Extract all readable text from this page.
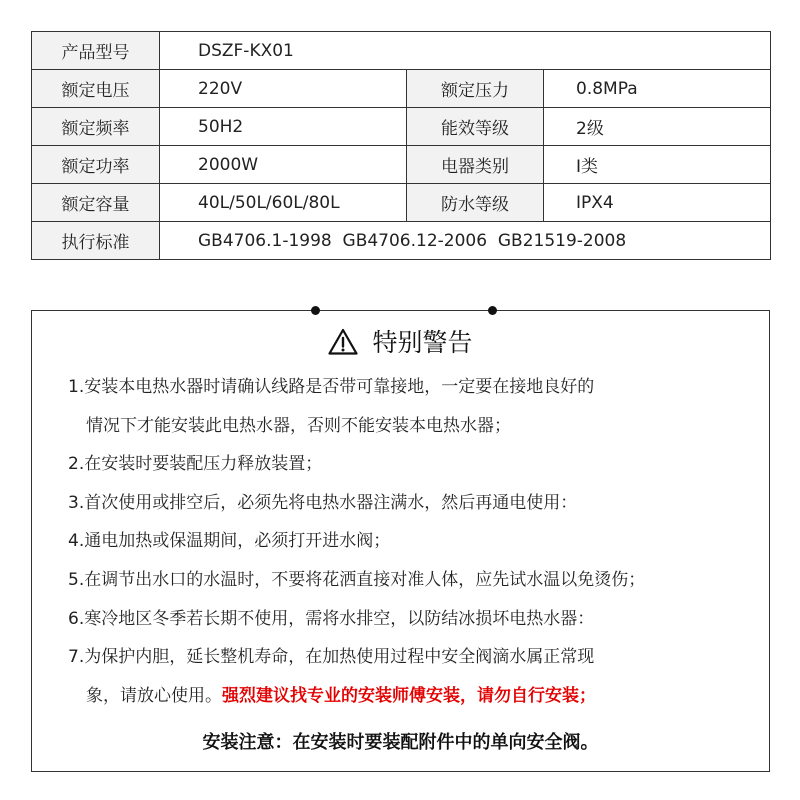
产品型号	DSZF-KX01		
额定电压	220V	额定压力	0.8MPa
额定频率	50H2	能效等级	2级
额定功率	2000W	电器类别	I类
额定容量	40L/50L/60L/80L	防水等级	IPX4
执行标准	GB4706.1-1998  GB4706.12-2006  GB21519-2008		
特别警告
1.安装本电热水器时请确认线路是否带可靠接地，一定要在接地良好的
情况下才能安装此电热水器，否则不能安装本电热水器；
2.在安装时要装配压力释放装置；
3.首次使用或排空后，必须先将电热水器注满水，然后再通电使用：
4.通电加热或保温期间，必须打开进水阀；
5.在调节出水口的水温时，不要将花洒直接对准人体，应先试水温以免烫伤；
6.寒冷地区冬季若长期不使用，需将水排空，以防结冰损坏电热水器：
7.为保护内胆，延长整机寿命，在加热使用过程中安全阀滴水属正常现
象，请放心使用。强烈建议找专业的安装师傅安装，请勿自行安装；
安装注意：在安装时要装配附件中的单向安全阀。
